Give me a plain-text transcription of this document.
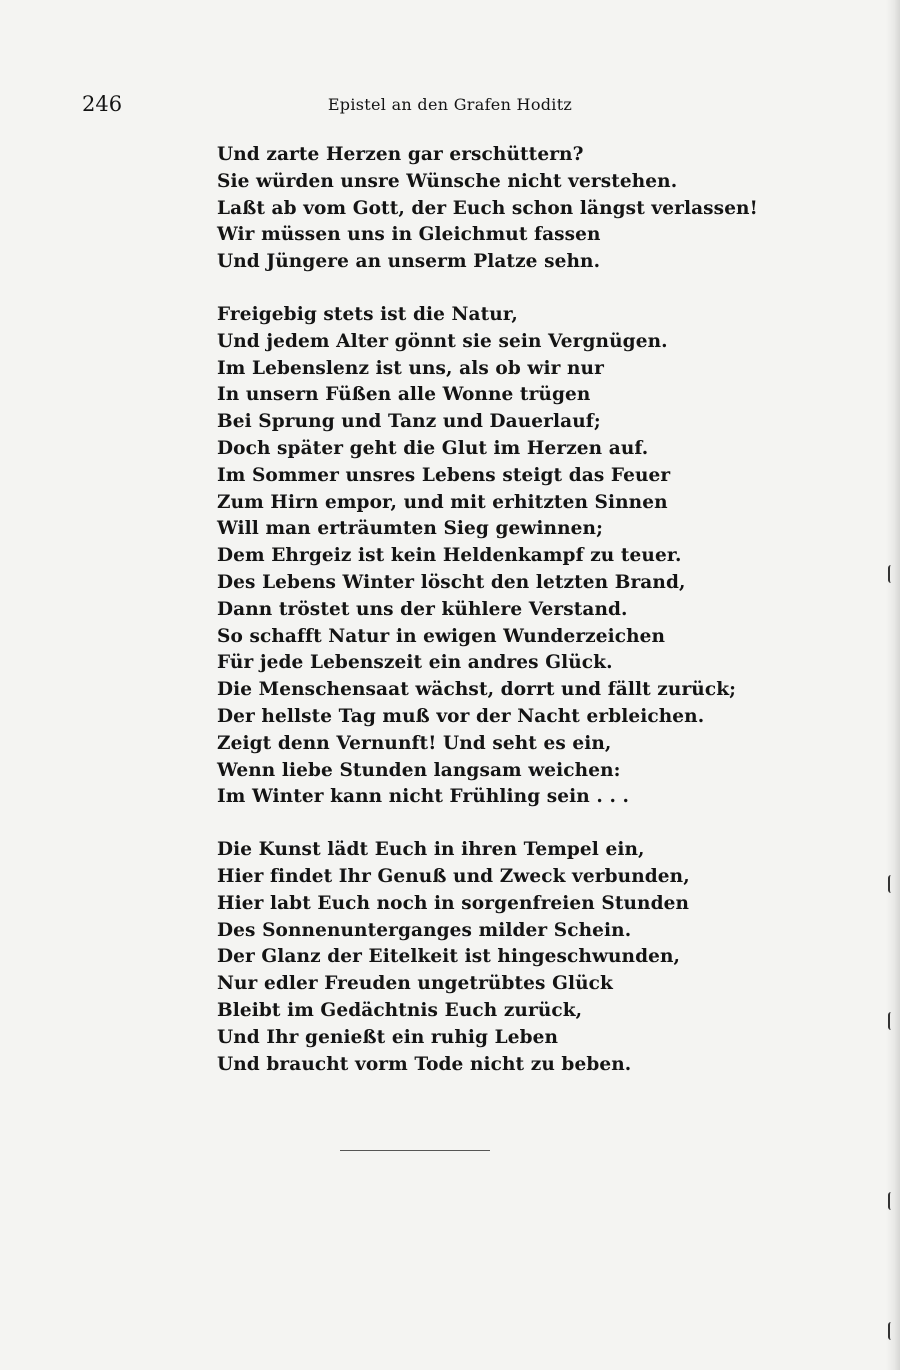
246	Epistel an den Grafen Hoditz
Und zarte Herzen gar erschüttern?
Sie würden unsre Wünsche nicht verstehen.
Laßt ab vom Gott, der Euch schon längst verlassen!
Wir müssen uns in Gleichmut fassen
Und Jüngere an unserm Platze sehn.
Freigebig stets ist die Natur,
Und jedem Alter gönnt sie sein Vergnügen.
Im Lebenslenz ist uns, als ob wir nur
In unsern Füßen alle Wonne trügen
Bei Sprung und Tanz und Dauerlauf;
Doch später geht die Glut im Herzen auf.
Im Sommer unsres Lebens steigt das Feuer
Zum Hirn empor, und mit erhitzten Sinnen
Will man erträumten Sieg gewinnen;
Dem Ehrgeiz ist kein Heldenkampf zu teuer.
Des Lebens Winter löscht den letzten Brand,
Dann tröstet uns der kühlere Verstand.
So schafft Natur in ewigen Wunderzeichen
Für jede Lebenszeit ein andres Glück.
Die Menschensaat wächst, dorrt und fällt zurück;
Der hellste Tag muß vor der Nacht erbleichen.
Zeigt denn Vernunft! Und seht es ein,
Wenn liebe Stunden langsam weichen:
Im Winter kann nicht Frühling sein . . .
Die Kunst lädt Euch in ihren Tempel ein,
Hier findet Ihr Genuß und Zweck verbunden,
Hier labt Euch noch in sorgenfreien Stunden
Des Sonnenunterganges milder Schein.
Der Glanz der Eitelkeit ist hingeschwunden,
Nur edler Freuden ungetrübtes Glück
Bleibt im Gedächtnis Euch zurück,
Und Ihr genießt ein ruhig Leben
Und braucht vorm Tode nicht zu beben.
